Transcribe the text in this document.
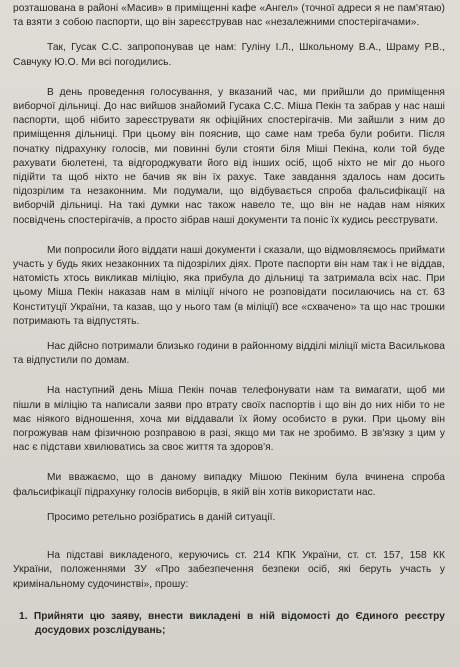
розташована в районі «Масив» в приміщенні кафе «Ангел» (точної адреси я не пам'ятаю) та взяти з собою паспорти, що він зареєстрував нас «незалежними спостерігачами».

Так, Гусак С.С. запропонував це нам: Гуліну І.Л., Школьному В.А., Шраму Р.В., Савчуку Ю.О. Ми всі погодились.

В день проведення голосування, у вказаний час, ми прийшли до приміщення виборчої дільниці. До нас вийшов знайомий Гусака С.С. Міша Пекін та забрав у нас наші паспорти, щоб нібито зареєструвати як офіційних спостерігачів. Ми зайшли з ним до приміщення дільниці. При цьому він пояснив, що саме нам треба були робити. Після початку підрахунку голосів, ми повинні були стояти біля Міші Пекіна, коли той буде рахувати бюлетені, та відгороджувати його від інших осіб, щоб ніхто не міг до нього підійти та щоб ніхто не бачив як він їх рахує. Таке завдання здалось нам досить підозрілим та незаконним. Ми подумали, що відбувається спроба фальсифікації на виборчій дільниці. На такі думки нас також навело те, що він не надав нам ніяких посвідчень спостерігачів, а просто зібрав наші документи та поніс їх кудись реєструвати.

Ми попросили його віддати наші документи і сказали, що відмовляємось приймати участь у будь яких незаконних та підозрілих діях. Проте паспорти він нам так і не віддав, натомість хтось викликав міліцію, яка прибула до дільниці та затримала всіх нас. При цьому Міша Пекін наказав нам в міліції нічого не розповідати посилаючись на ст. 63 Конституції України, та казав, що у нього там (в міліції) все «схвачено» та що нас трошки потримають та відпустять.

Нас дійсно потримали близько години в районному відділі міліції міста Василькова та відпустили по домам.

На наступний день Міша Пекін почав телефонувати нам та вимагати, щоб ми пішли в міліцію та написали заяви про втрату своїх паспортів і що він до них ніби то не має ніякого відношення, хоча ми віддавали їх йому особисто в руки. При цьому він погрожував нам фізичною розправою в разі, якщо ми так не зробимо. В зв'язку з цим у нас є підстави хвилюватись за своє життя та здоров'я.

Ми вважаємо, що в даному випадку Мішою Пекіним була вчинена спроба фальсифікації підрахунку голосів виборців, в якій він хотів використати нас.

Просимо ретельно розібратись в даній ситуації.

На підставі викладеного, керуючись ст. 214 КПК України, ст. ст. 157, 158 КК України, положеннями ЗУ «Про забезпечення безпеки осіб, які беруть участь у кримінальному судочинстві», прошу:

1. Прийняти цю заяву, внести викладені в ній відомості до Єдиного реєстру досудових розслідувань;
